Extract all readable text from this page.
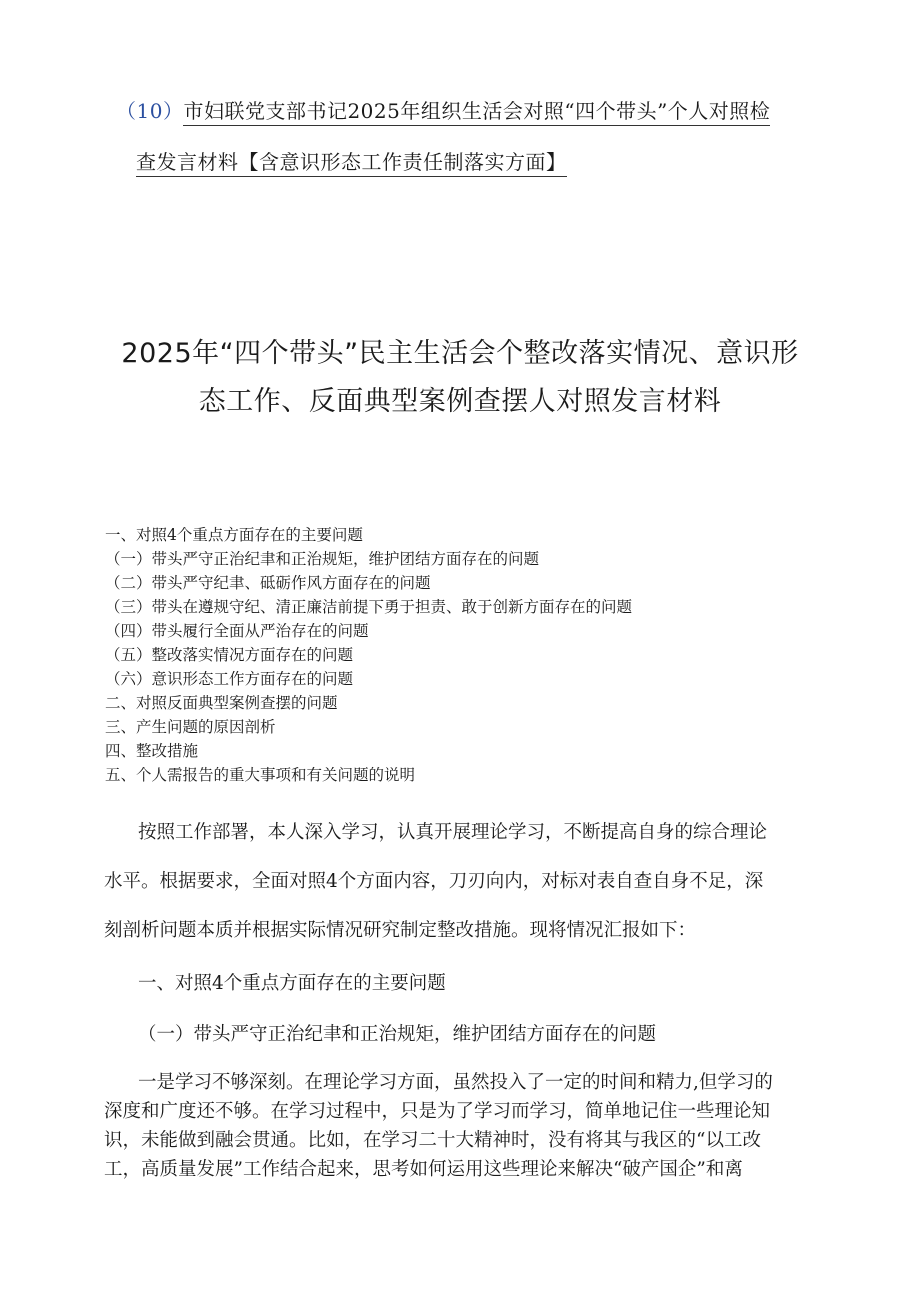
（10）市妇联党支部书记2025年组织生活会对照“四个带头”个人对照检
查发言材料【含意识形态工作责任制落实方面】
2025年“四个带头”民主生活会个整改落实情况、意识形
态工作、反面典型案例查摆人对照发言材料
一、对照4个重点方面存在的主要问题
（一）带头严守正治纪聿和正治规矩，维护团结方面存在的问题
（二）带头严守纪聿、砥砺作风方面存在的问题
（三）带头在遵规守纪、清正廉洁前提下勇于担责、敢于创新方面存在的问题
（四）带头履行全面从严治存在的问题
（五）整改落实情况方面存在的问题
（六）意识形态工作方面存在的问题
二、对照反面典型案例查摆的问题
三、产生问题的原因剖析
四、整改措施
五、个人需报告的重大事项和有关问题的说明
按照工作部署，本人深入学习，认真开展理论学习，不断提高自身的综合理论
水平。根据要求，全面对照4个方面内容，刀刃向内，对标对表自查自身不足，深
刻剖析问题本质并根据实际情况研究制定整改措施。现将情况汇报如下：
一、对照4个重点方面存在的主要问题
（一）带头严守正治纪聿和正治规矩，维护团结方面存在的问题
一是学习不够深刻。在理论学习方面，虽然投入了一定的时间和精力,但学习的
深度和广度还不够。在学习过程中，只是为了学习而学习，简单地记住一些理论知
识，未能做到融会贯通。比如，在学习二十大精神时，没有将其与我区的“以工改
工，高质量发展”工作结合起来，思考如何运用这些理论来解决“破产国企”和离
